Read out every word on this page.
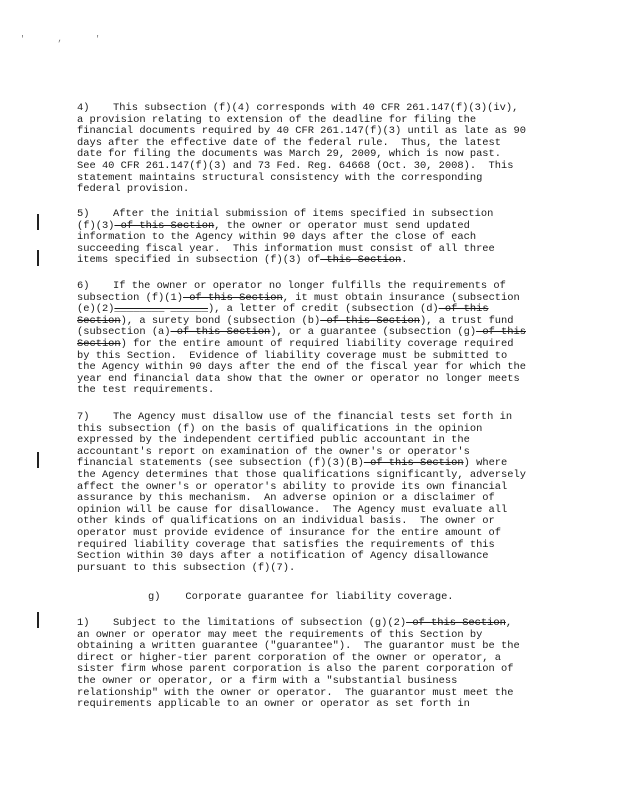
' , '
4) This subsection (f)(4) corresponds with 40 CFR 261.147(f)(3)(iv),
a provision relating to extension of the deadline for filing the
financial documents required by 40 CFR 261.147(f)(3) until as late as 90
days after the effective date of the federal rule.  Thus, the latest
date for filing the documents was March 29, 2009, which is now past.
See 40 CFR 261.147(f)(3) and 73 Fed. Reg. 64668 (Oct. 30, 2008).  This
statement maintains structural consistency with the corresponding
federal provision.
5) After the initial submission of items specified in subsection
(f)(3) of this Section, the owner or operator must send updated
information to the Agency within 90 days after the close of each
succeeding fiscal year.  This information must consist of all three
items specified in subsection (f)(3) of this Section.
6) If the owner or operator no longer fulfills the requirements of
subsection (f)(1) of this Section, it must obtain insurance (subsection
(e)(2)________ ______), a letter of credit (subsection (d) of this
Section), a surety bond (subsection (b) of this Section), a trust fund
(subsection (a) of this Section), or a guarantee (subsection (g) of this
Section) for the entire amount of required liability coverage required
by this Section.  Evidence of liability coverage must be submitted to
the Agency within 90 days after the end of the fiscal year for which the
year end financial data show that the owner or operator no longer meets
the test requirements.
7) The Agency must disallow use of the financial tests set forth in
this subsection (f) on the basis of qualifications in the opinion
expressed by the independent certified public accountant in the
accountant's report on examination of the owner's or operator's
financial statements (see subsection (f)(3)(B) of this Section) where
the Agency determines that those qualifications significantly, adversely
affect the owner's or operator's ability to provide its own financial
assurance by this mechanism.  An adverse opinion or a disclaimer of
opinion will be cause for disallowance.  The Agency must evaluate all
other kinds of qualifications on an individual basis.  The owner or
operator must provide evidence of insurance for the entire amount of
required liability coverage that satisfies the requirements of this
Section within 30 days after a notification of Agency disallowance
pursuant to this subsection (f)(7).
g)    Corporate guarantee for liability coverage.
1) Subject to the limitations of subsection (g)(2) of this Section,
an owner or operator may meet the requirements of this Section by
obtaining a written guarantee ("guarantee").  The guarantor must be the
direct or higher-tier parent corporation of the owner or operator, a
sister firm whose parent corporation is also the parent corporation of
the owner or operator, or a firm with a "substantial business
relationship" with the owner or operator.  The guarantor must meet the
requirements applicable to an owner or operator as set forth in
